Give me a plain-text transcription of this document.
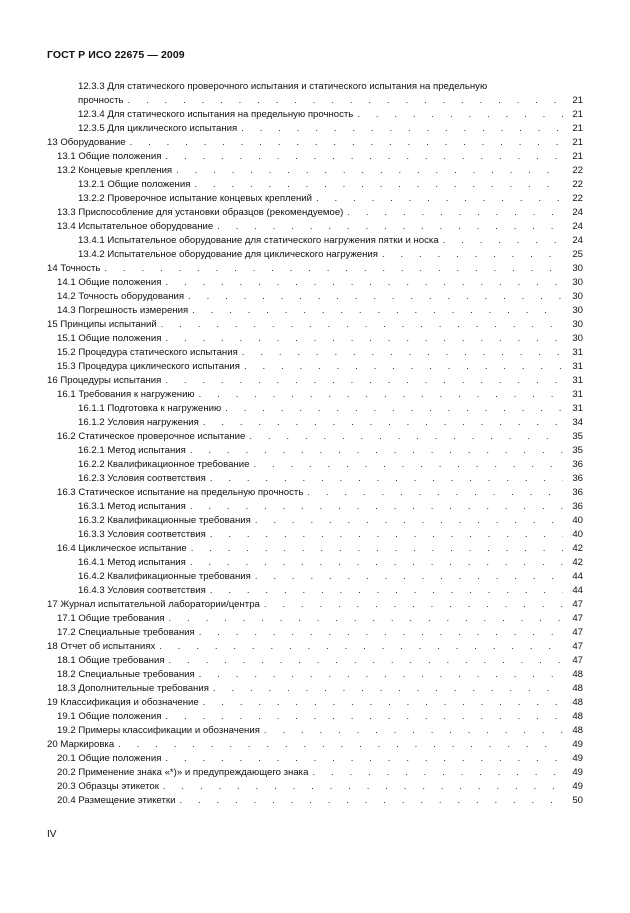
ГОСТ Р ИСО 22675 — 2009
12.3.3 Для статического проверочного испытания и статического испытания на предельную
прочность . . .	21
12.3.4 Для статического испытания на предельную прочность . . .	21
12.3.5 Для циклического испытания . . .	21
13 Оборудование . . .	21
13.1 Общие положения . . .	21
13.2 Концевые крепления . . .	22
13.2.1 Общие положения . . .	22
13.2.2 Проверочное испытание концевых креплений . . .	22
13.3 Приспособление для установки образцов (рекомендуемое) . . .	24
13.4 Испытательное оборудование . . .	24
13.4.1 Испытательное оборудование для статического нагружения пятки и носка . . .	24
13.4.2 Испытательное оборудование для циклического нагружения . . .	25
14 Точность . . .	30
14.1 Общие положения . . .	30
14.2 Точность оборудования . . .	30
14.3 Погрешность измерения . . .	30
15 Принципы испытаний . . .	30
15.1 Общие положения . . .	30
15.2 Процедура статического испытания . . .	31
15.3 Процедура циклического испытания . . .	31
16 Процедуры испытания . . .	31
16.1 Требования к нагружению . . .	31
16.1.1 Подготовка к нагружению . . .	31
16.1.2 Условия нагружения . . .	34
16.2 Статическое проверочное испытание . . .	35
16.2.1 Метод испытания . . .	35
16.2.2 Квалификационное требование . . .	36
16.2.3 Условия соответствия . . .	36
16.3 Статическое испытание на предельную прочность . . .	36
16.3.1 Метод испытания . . .	36
16.3.2 Квалификационные требования . . .	40
16.3.3 Условия соответствия . . .	40
16.4 Циклическое испытание . . .	42
16.4.1 Метод испытания . . .	42
16.4.2 Квалификационные требования . . .	44
16.4.3 Условия соответствия . . .	44
17 Журнал испытательной лаборатории/центра . . .	47
17.1 Общие требования . . .	47
17.2 Специальные требования . . .	47
18 Отчет об испытаниях . . .	47
18.1 Общие требования . . .	47
18.2 Специальные требования . . .	48
18.3 Дополнительные требования . . .	48
19 Классификация и обозначение . . .	48
19.1 Общие положения . . .	48
19.2 Примеры классификации и обозначения . . .	48
20 Маркировка . . .	49
20.1 Общие положения . . .	49
20.2 Применение знака «*)» и предупреждающего знака . . .	49
20.3 Образцы этикеток . . .	49
20.4 Размещение этикетки . . .	50
IV
